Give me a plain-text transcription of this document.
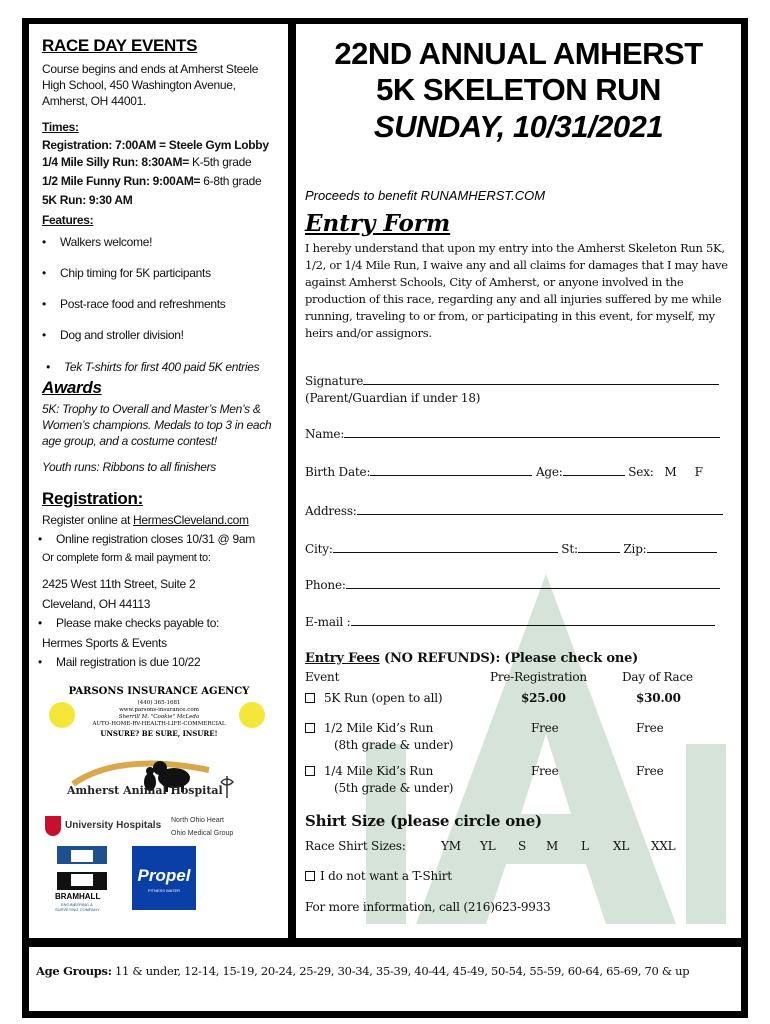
RACE DAY EVENTS
Course begins and ends at Amherst Steele
High School, 450 Washington Avenue,
Amherst, OH 44001.
Times:
Registration: 7:00AM = Steele Gym Lobby
1/4 Mile Silly Run: 8:30AM= K-5th grade
1/2 Mile Funny Run: 9:00AM= 6-8th grade
5K Run: 9:30 AM
Features:
• Walkers welcome!
• Chip timing for 5K participants
• Post-race food and refreshments
• Dog and stroller division!
• Tek T-shirts for first 400 paid 5K entries
Awards
5K: Trophy to Overall and Master’s Men’s &
Women’s champions. Medals to top 3 in each
age group, and a costume contest!
Youth runs: Ribbons to all finishers
Registration:
Register online at HermesCleveland.com
• Online registration closes 10/31 @ 9am
Or complete form & mail payment to:
2425 West 11th Street, Suite 2
Cleveland, OH 44113
• Please make checks payable to:
Hermes Sports & Events
• Mail registration is due 10/22
PARSONS INSURANCE AGENCY
(440) 365-1681
www.parsons-insurance.com
Sherrill M. "Cookie" McLeda
AUTO-HOME-RV-HEALTH-LIFE-COMMERCIAL
UNSURE? BE SURE, INSURE!
Amherst Animal Hospital
University Hospitals North Ohio Heart
Ohio Medical Group
BRAMHALL
ENGINEERING &
SURVEYING COMPANY
Propel
FITNESS WATER
22ND ANNUAL AMHERST
5K SKELETON RUN
SUNDAY, 10/31/2021
Proceeds to benefit RUNAMHERST.COM
Entry Form
I hereby understand that upon my entry into the Amherst Skeleton Run 5K,
1/2, or 1/4 Mile Run, I waive any and all claims for damages that I may have
against Amherst Schools, City of Amherst, or anyone involved in the
production of this race, regarding any and all injuries suffered by me while
running, traveling to or from, or participating in this event, for myself, my
heirs and/or assignors.
Signature
(Parent/Guardian if under 18)
Name:
Birth Date:	Age:	Sex: M F
Address:
City:	St:	Zip:
Phone:
E-mail :
Entry Fees (NO REFUNDS): (Please check one)
Event	Pre-Registration	Day of Race
5K Run (open to all)	$25.00	$30.00
1/2 Mile Kid’s Run
(8th grade & under)
Free	Free
1/4 Mile Kid’s Run
(5th grade & under)
Free	Free
Shirt Size (please circle one)
Race Shirt Sizes:	YM YL S M L XL XXL
I do not want a T-Shirt
For more information, call (216)623-9933
Age Groups: 11 & under, 12-14, 15-19, 20-24, 25-29, 30-34, 35-39, 40-44, 45-49, 50-54, 55-59, 60-64, 65-69, 70 & up
